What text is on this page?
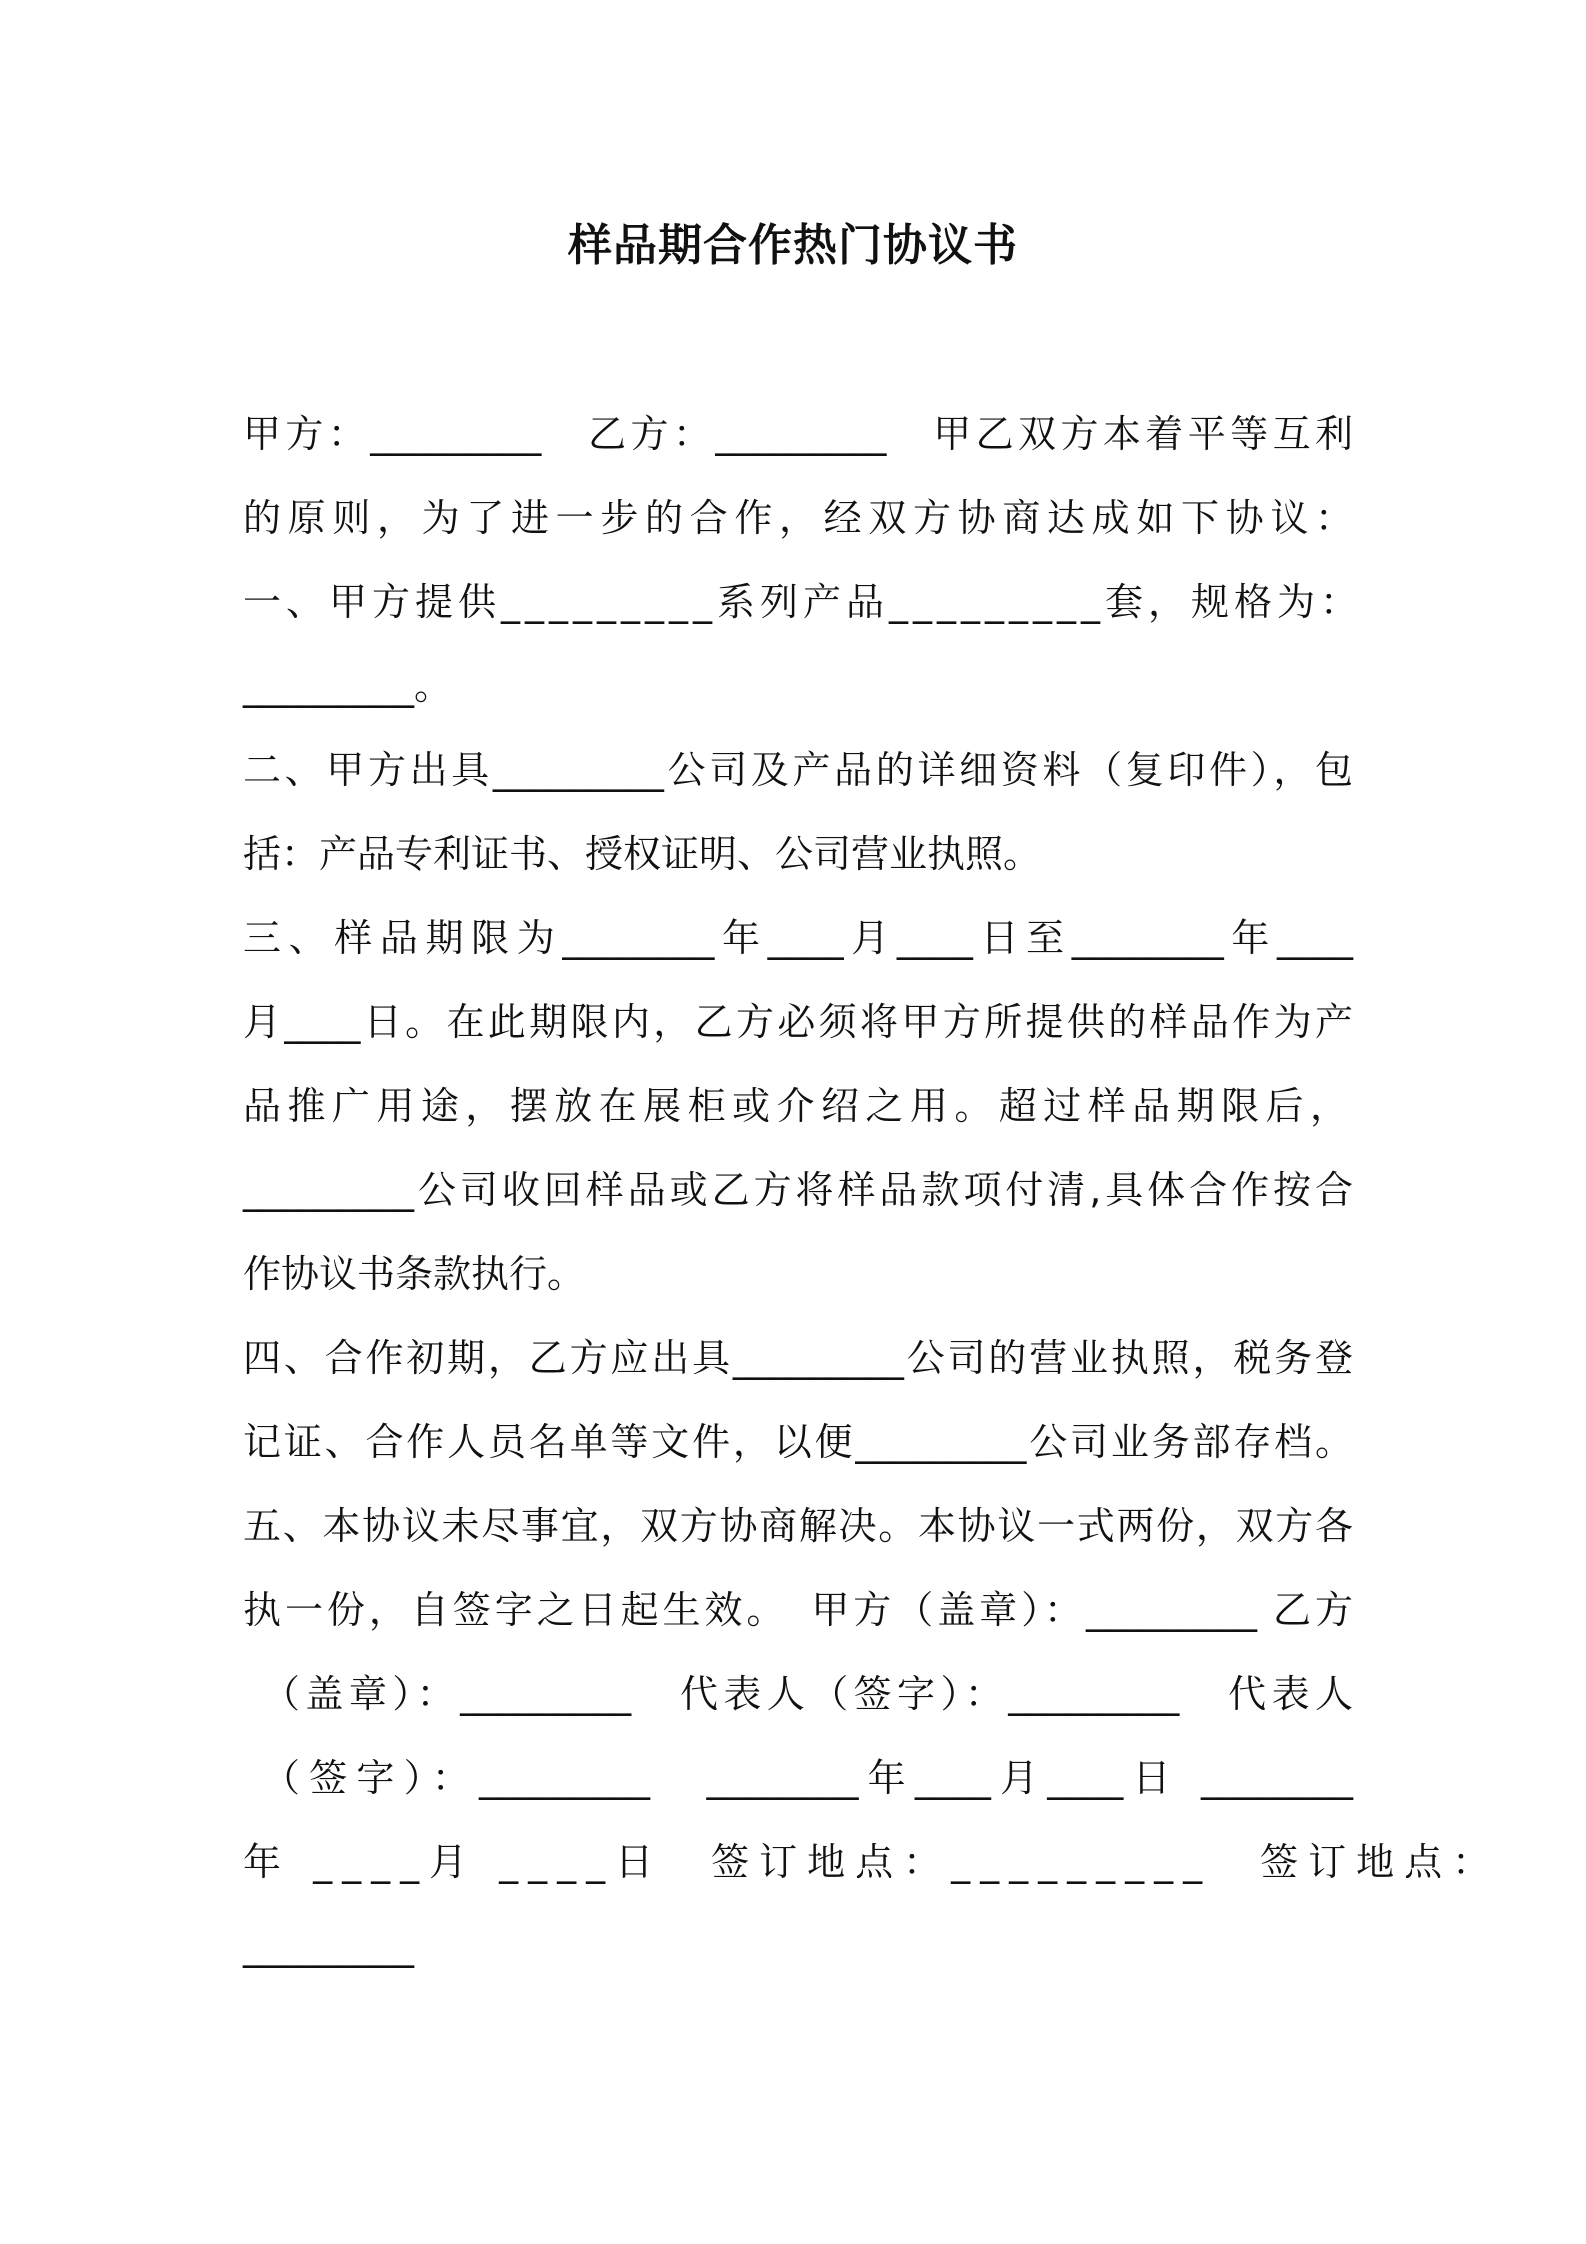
样品期合作热门协议书
甲方：_________　乙方：_________　甲乙双方本着平等互利
的原则，为了进一步的合作，经双方协商达成如下协议：
一、甲方提供_________系列产品_________套，规格为：
_________。
二、甲方出具_________公司及产品的详细资料（复印件），包
括：产品专利证书、授权证明、公司营业执照。
三、样品期限为________年____月____日至________年____
月____日。在此期限内，乙方必须将甲方所提供的样品作为产
品推广用途，摆放在展柜或介绍之用。超过样品期限后，
_________公司收回样品或乙方将样品款项付清,具体合作按合
作协议书条款执行。
四、合作初期，乙方应出具_________公司的营业执照，税务登
记证、合作人员名单等文件，以便_________公司业务部存档。
五、本协议未尽事宜，双方协商解决。本协议一式两份，双方各
执一份，自签字之日起生效。　甲方（盖章）：_________ 乙方
（盖章）：_________　代表人（签字）：_________　代表人
（签字）：_________　________年____月____日 ________
年 ____月 ____日　签订地点：_________　签订地点：
_________
